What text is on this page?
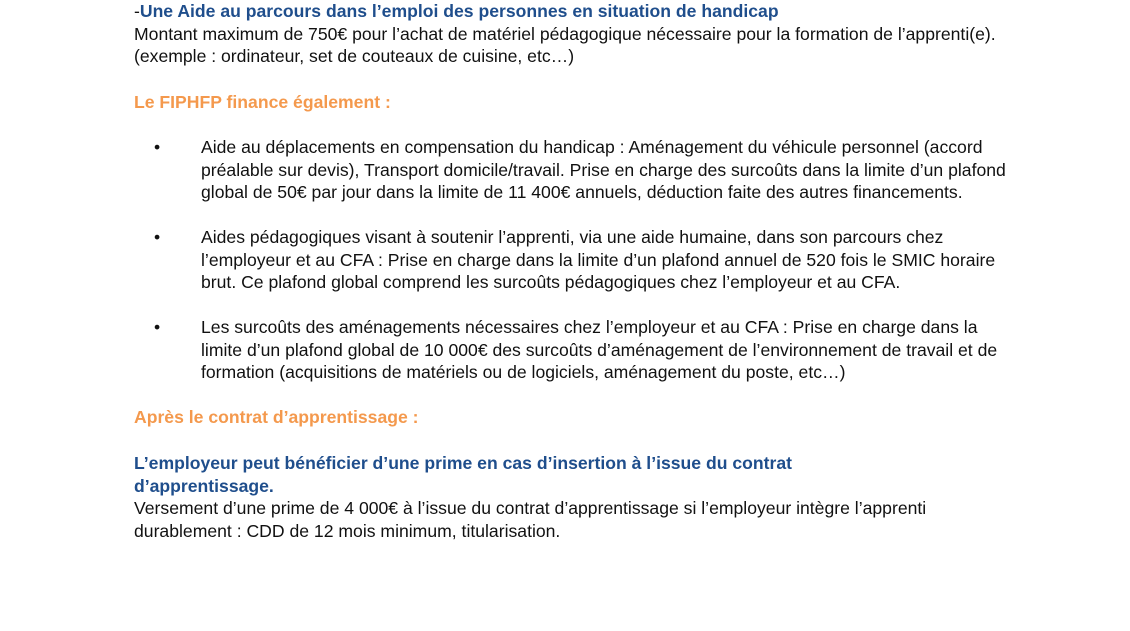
-Une Aide au parcours dans l’emploi des personnes en situation de handicap

Montant maximum de 750€ pour l’achat de matériel pédagogique nécessaire pour la formation de l’apprenti(e). (exemple : ordinateur, set de couteaux de cuisine, etc…)

Le FIPHFP finance également :

• Aide au déplacements en compensation du handicap : Aménagement du véhicule personnel (accord préalable sur devis), Transport domicile/travail. Prise en charge des surcoûts dans la limite d’un plafond global de 50€ par jour dans la limite de 11 400€ annuels, déduction faite des autres financements.
• Aides pédagogiques visant à soutenir l’apprenti, via une aide humaine, dans son parcours chez l’employeur et au CFA : Prise en charge dans la limite d’un plafond annuel de 520 fois le SMIC horaire brut. Ce plafond global comprend les surcoûts pédagogiques chez l’employeur et au CFA.
• Les surcoûts des aménagements nécessaires chez l’employeur et au CFA : Prise en charge dans la limite d’un plafond global de 10 000€ des surcoûts d’aménagement de l’environnement de travail et de formation (acquisitions de matériels ou de logiciels, aménagement du poste, etc…)

Après le contrat d’apprentissage :

L’employeur peut bénéficier d’une prime en cas d’insertion à l’issue du contrat

d’apprentissage.

Versement d’une prime de 4 000€ à l’issue du contrat d’apprentissage si l’employeur intègre l’apprenti

durablement : CDD de 12 mois minimum, titularisation.
